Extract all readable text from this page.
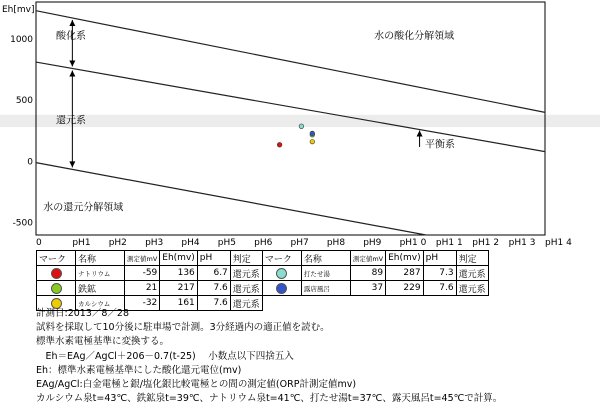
水の酸化分解領域
酸化系
還元系
水の還元分解領域
平衡系
0	pH1 pH2 pH3 pH4 pH5 pH6 pH7 pH8 pH9 pH1 0 pH1 1 pH1 2 pH1 3 pH1 4
1000
500
0
-500
Eh[mv]
マーク	名称	測定値mV	Eh(mv)	pH	判定	マーク	名称	測定値mV	Eh(mv)	pH	判定
	ナトリウム	-59	136	6.7	還元系		打たせ湯	89	287	7.3	還元系
	鉄鉱	21	217	7.6	還元系		露店風呂	37	229	7.6	還元系
	カルシウム	-32	161	7.6	還元系						
計測日:2013／8／28
試料を採取して10分後に駐車場で計測。3分経過内の適正値を読む。
標準水素電極基準に変換する。
　Eh＝EAg／AgCl＋206－0.7(t-25)　 小数点以下四捨五入
Eh：標準水素電極基準にした酸化還元電位(mv)
EAg/AgCl:白金電極と銀/塩化銀比較電極との間の測定値(ORP計測定値mv)
カルシウム泉t=43℃、鉄鉱泉t=39℃、ナトリウム泉t=41℃、打たせ湯t=37℃、露天風呂t=45℃で計算。
